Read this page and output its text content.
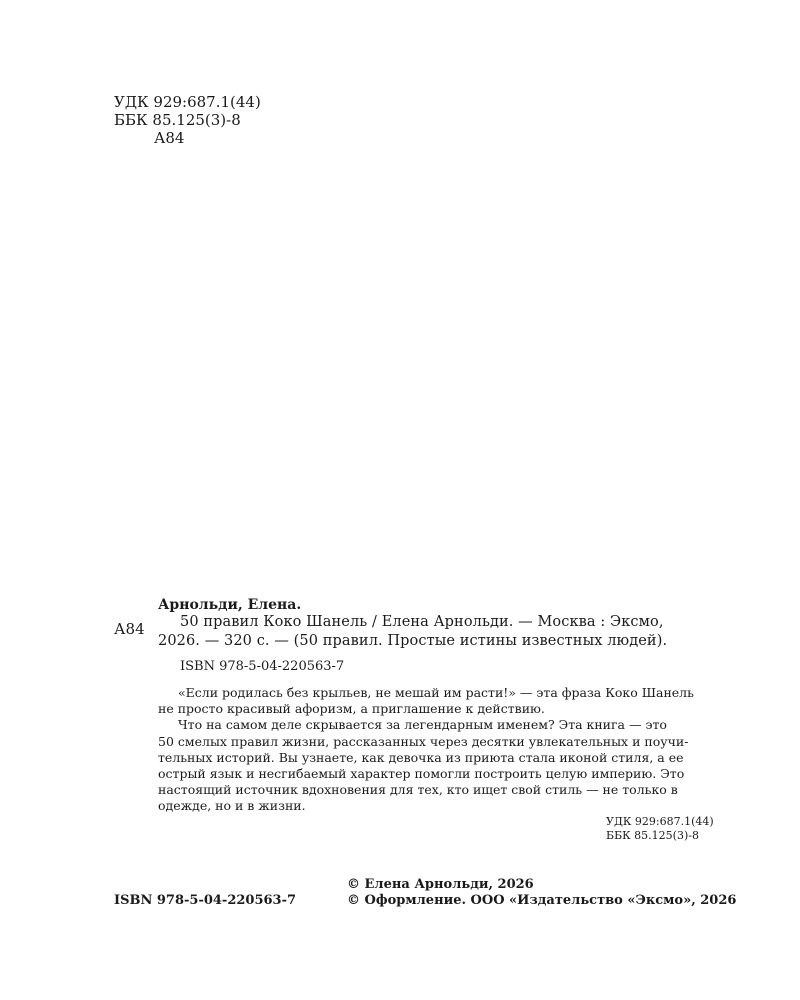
УДК 929:687.1(44)
ББК 85.125(3)-8
А84
Арнольди, Елена.
А84 50 правил Коко Шанель / Елена Арнольди. — Москва : Эксмо,
2026. — 320 с. — (50 правил. Простые истины известных людей).
ISBN 978-5-04-220563-7
«Если родилась без крыльев, не мешай им расти!» — эта фраза Коко Шанель
не просто красивый афоризм, а приглашение к действию.
Что на самом деле скрывается за легендарным именем? Эта книга — это
50 смелых правил жизни, рассказанных через десятки увлекательных и поучи-
тельных историй. Вы узнаете, как девочка из приюта стала иконой стиля, а ее
острый язык и несгибаемый характер помогли построить целую империю. Это
настоящий источник вдохновения для тех, кто ищет свой стиль — не только в
одежде, но и в жизни.
УДК 929:687.1(44)
ББК 85.125(3)-8
ISBN 978-5-04-220563-7
© Елена Арнольди, 2026
© Оформление. ООО «Издательство «Эксмо», 2026
